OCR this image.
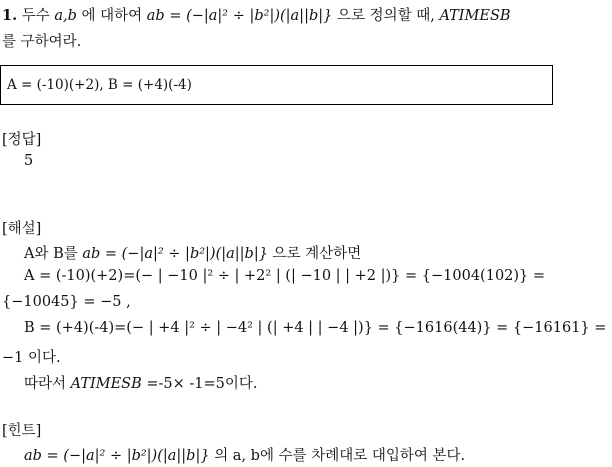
1. 두수 a,b 에 대하여 ab = (−|a|² ÷ |b²|)(|a||b|} 으로 정의할 때, ATIMESB
를 구하여라.
A = (-10)(+2), B = (+4)(-4)
[정답]
5
[해설]
A와 B를 ab = (−|a|² ÷ |b²|)(|a||b|} 으로 계산하면
A = (-10)(+2)=(− | −10 |² ÷ | +2² | (| −10 | | +2 |)} = {−1004(102)} =
{−10045} = −5 ,
B = (+4)(-4)=(− | +4 |² ÷ | −4² | (| +4 | | −4 |)} = {−1616(44)} = {−16161} =
−1 이다.
따라서 ATIMESB =-5× -1=5이다.
[힌트]
ab = (−|a|² ÷ |b²|)(|a||b|} 의 a, b에 수를 차례대로 대입하여 본다.
